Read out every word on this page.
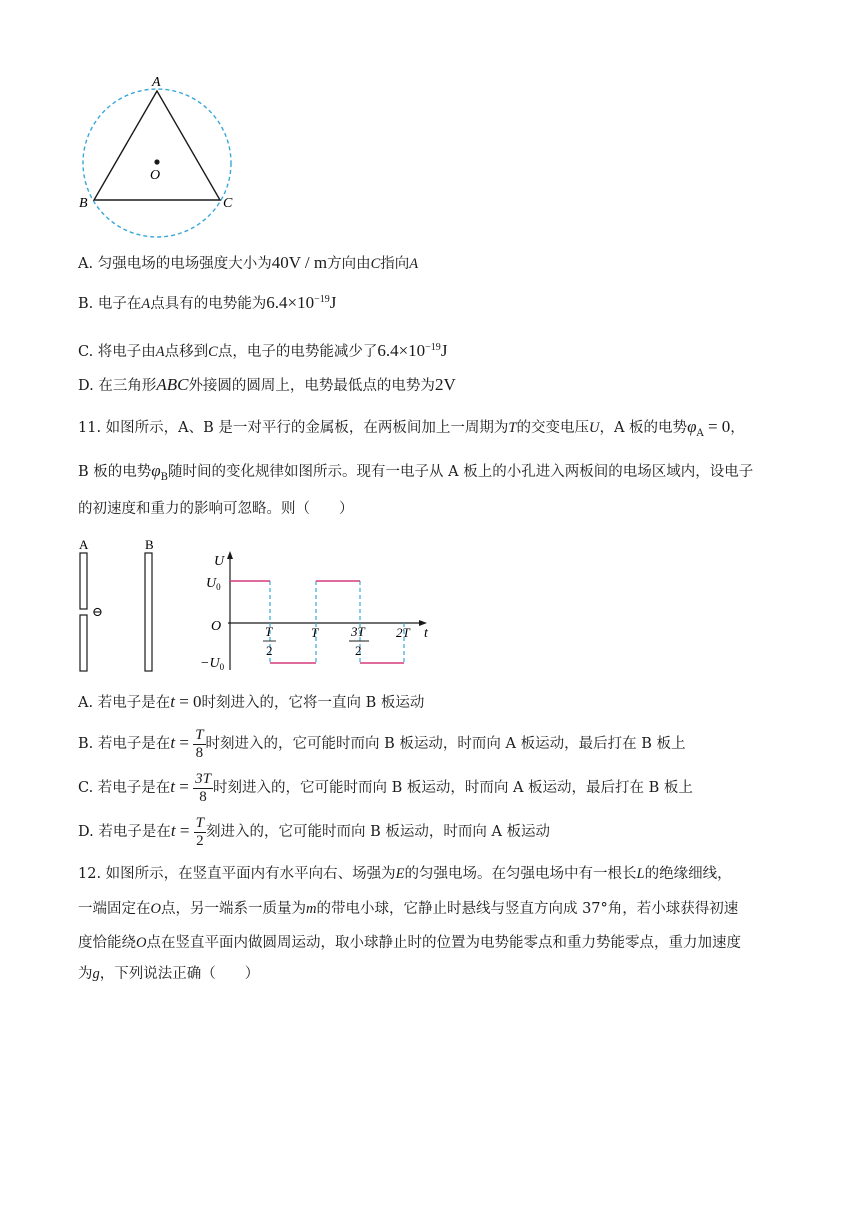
A
B	C
O
A. 匀强电场的电场强度大小为40V / m方向由C指向A
B. 电子在A点具有的电势能为$6.4\times 10^{-19}J$
C. 将电子由A点移到C点，电子的电势能减少了$6.4\times 10^{-19}J$
D. 在三角形ABC外接圆的圆周上，电势最低点的电势为2V
11. 如图所示，A、B 是一对平行的金属板，在两板间加上一周期为T的交变电压U，A 板的电势$\varphi_A = 0$，
B 板的电势$\varphi_B$随时间的变化规律如图所示。现有一电子从 A 板上的小孔进入两板间的电场区域内，设电子
的初速度和重力的影响可忽略。则（　　）
A
⊖
B
U
t
O
$U_0$
$-U_0$
T
2
T	3T
2
2T
A. 若电子是在t = 0时刻进入的，它将一直向 B 板运动
B. 若电子是在$t = \frac{T}{8}$ 时刻进入的，它可能时而向 B 板运动，时而向 A 板运动，最后打在 B 板上
C. 若电子是在$t = \frac{3T}{8}$ 时刻进入的，它可能时而向 B 板运动，时而向 A 板运动，最后打在 B 板上
D. 若电子是在$t = \frac{T}{2}$ 刻进入的，它可能时而向 B 板运动，时而向 A 板运动
12. 如图所示，在竖直平面内有水平向右、场强为E的匀强电场。在匀强电场中有一根长L的绝缘细线，
一端固定在O点，另一端系一质量为m的带电小球，它静止时悬线与竖直方向成 37°角，若小球获得初速
度恰能绕O点在竖直平面内做圆周运动，取小球静止时的位置为电势能零点和重力势能零点，重力加速度
为g，下列说法正确（　　）
